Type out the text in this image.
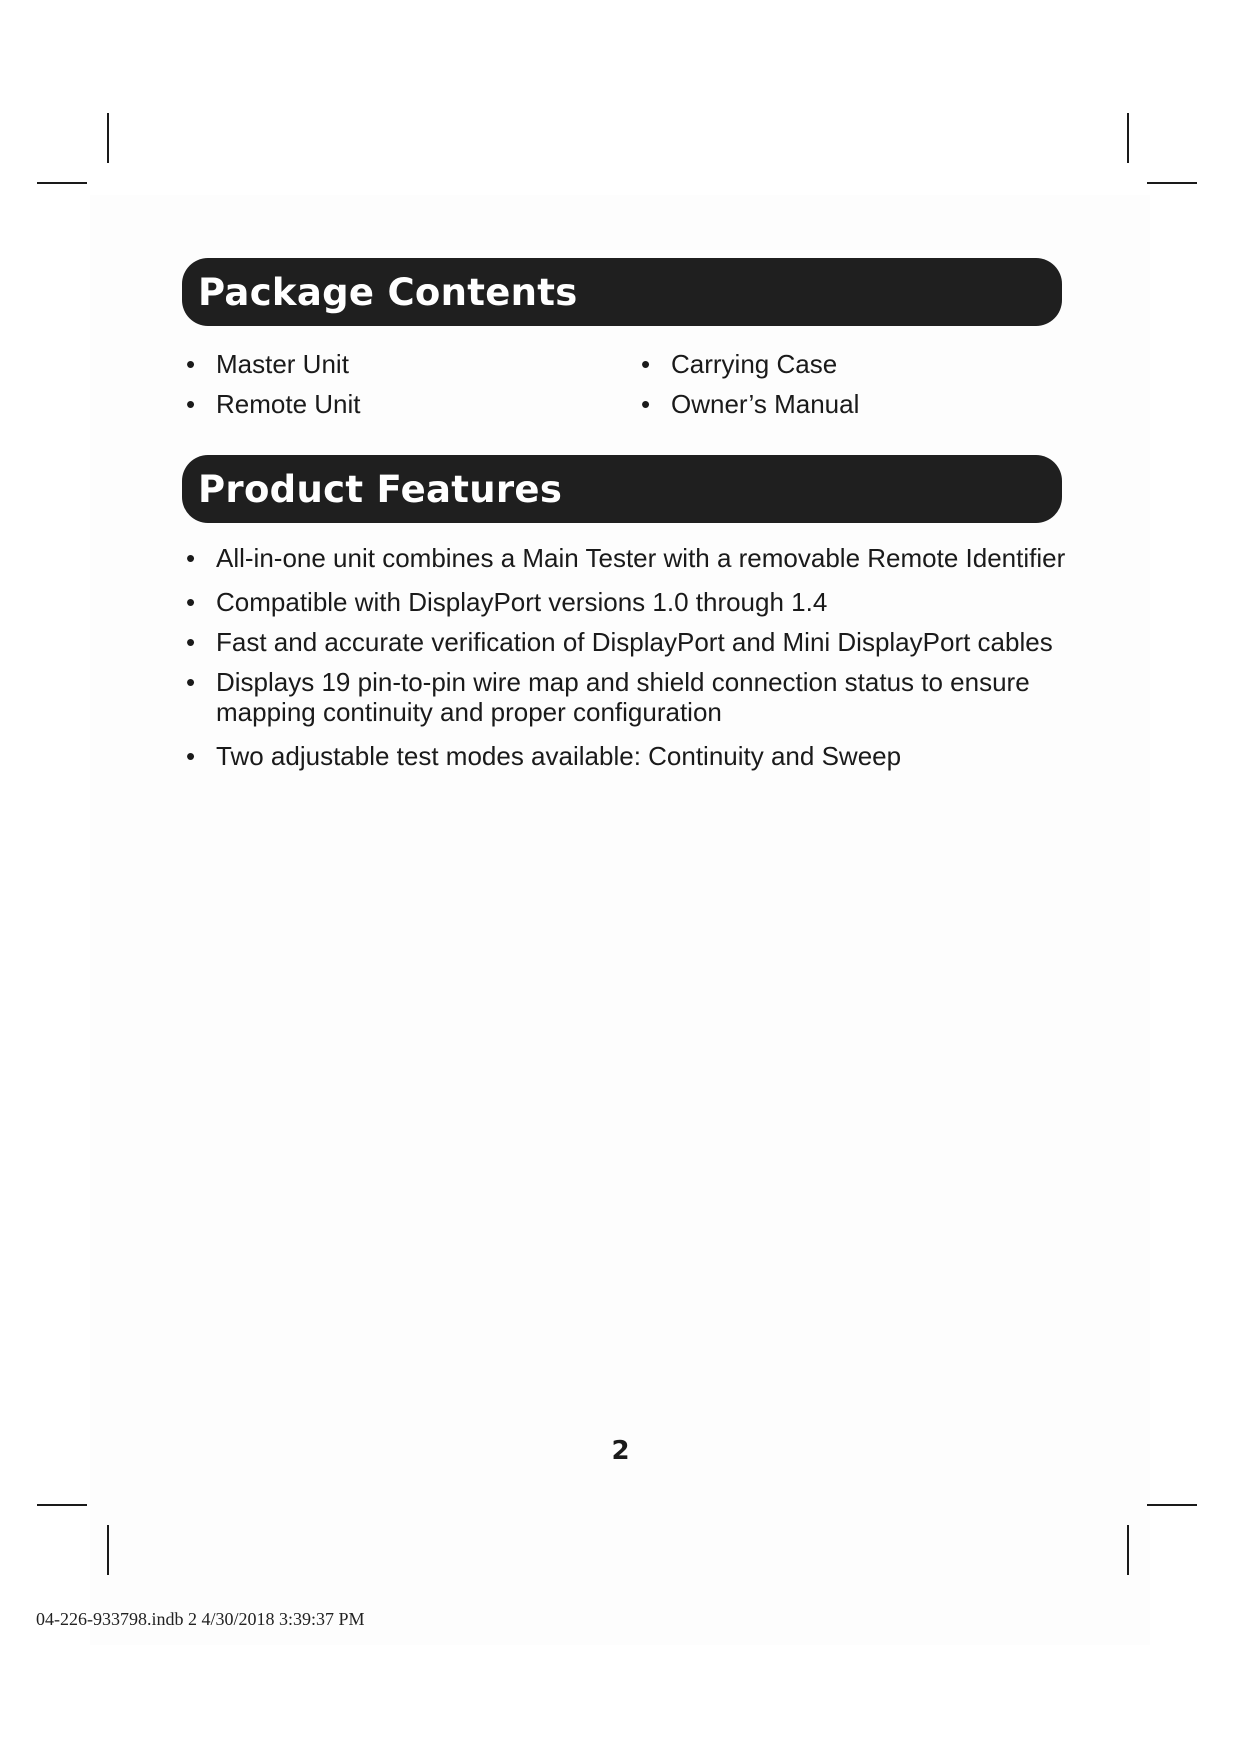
Package Contents
• Master Unit	• Carrying Case
• Remote Unit	• Owner’s Manual
Product Features
• All-in-one unit combines a Main Tester with a removable Remote Identifier
• Compatible with DisplayPort versions 1.0 through 1.4
• Fast and accurate verification of DisplayPort and Mini DisplayPort cables
• Displays 19 pin-to-pin wire map and shield connection status to ensure
mapping continuity and proper configuration
• Two adjustable test modes available: Continuity and Sweep
2
04-226-933798.indb 2 4/30/2018 3:39:37 PM
